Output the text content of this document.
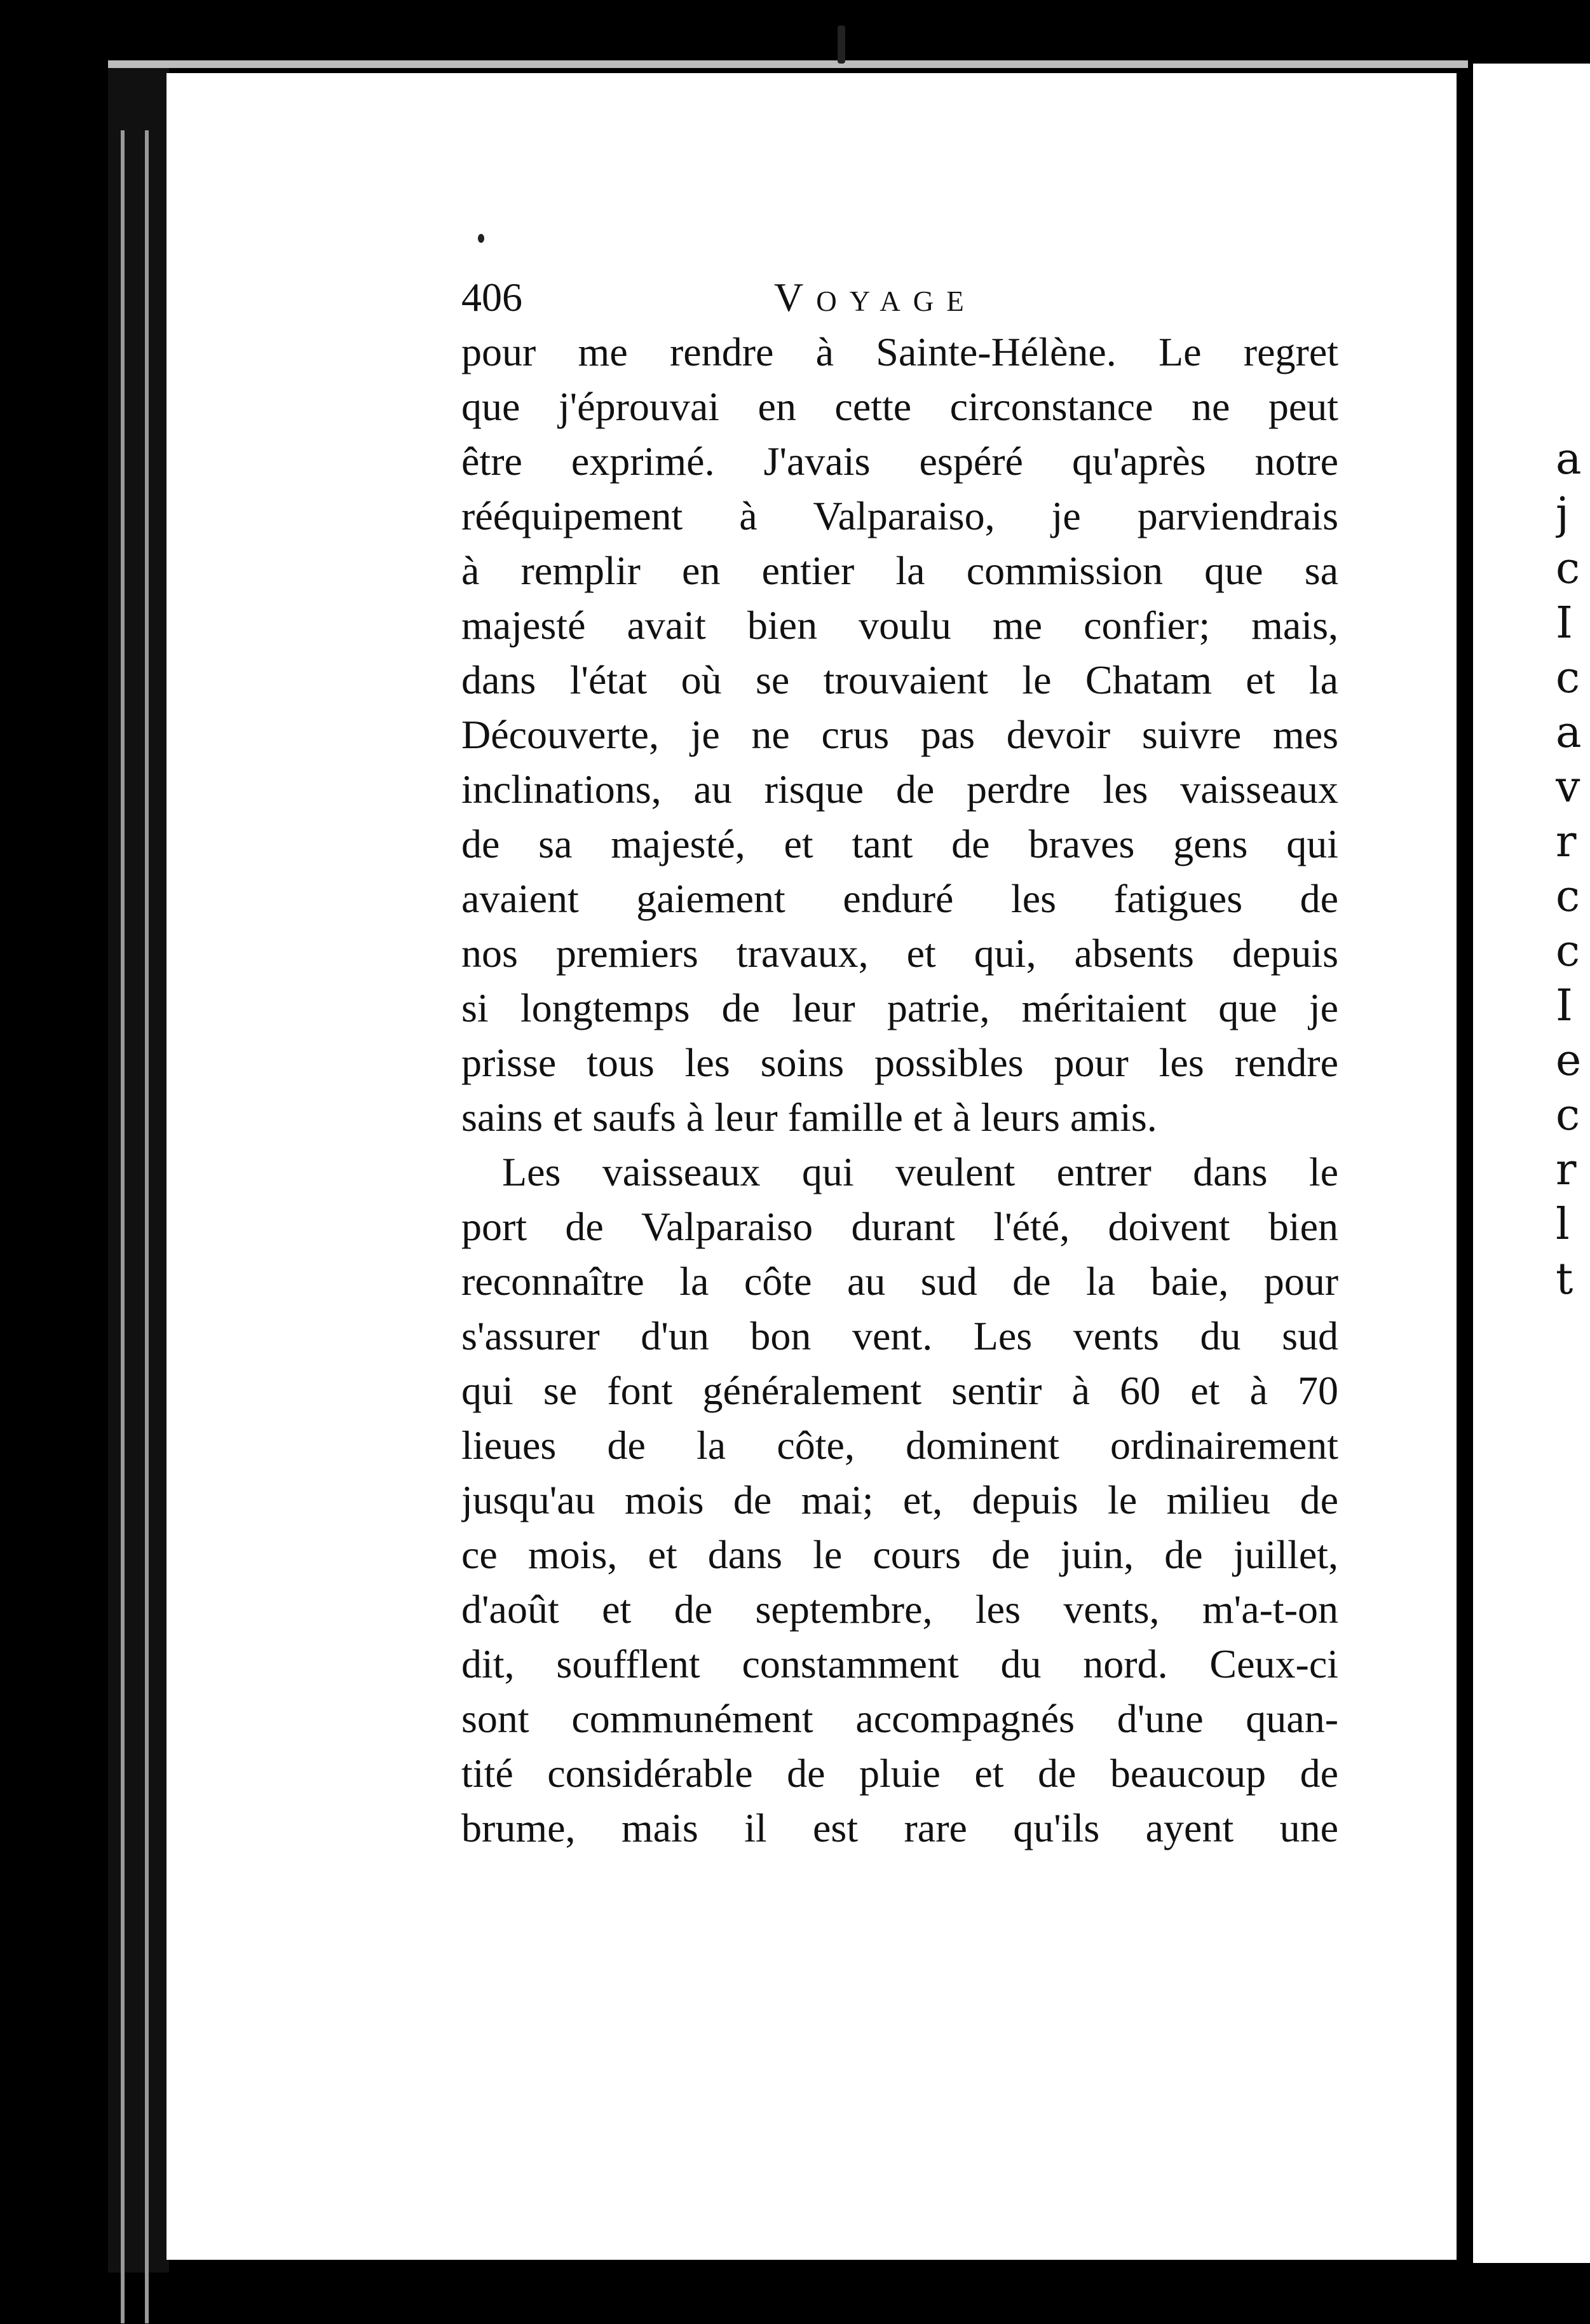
a
j
c
I
c
a
v
r
c
c
I
e
c
r
l
t
406	Voyage
pour me rendre à Sainte-Hélène. Le regret
que j'éprouvai en cette circonstance ne peut
être exprimé. J'avais espéré qu'après notre
rééquipement à Valparaiso, je parviendrais
à remplir en entier la commission que sa
majesté avait bien voulu me confier; mais,
dans l'état où se trouvaient le Chatam et la
Découverte, je ne crus pas devoir suivre mes
inclinations, au risque de perdre les vaisseaux
de sa majesté, et tant de braves gens qui
avaient gaiement enduré les fatigues de
nos premiers travaux, et qui, absents depuis
si longtemps de leur patrie, méritaient que je
prisse tous les soins possibles pour les rendre
sains et saufs à leur famille et à leurs amis.
Les vaisseaux qui veulent entrer dans le
port de Valparaiso durant l'été, doivent bien
reconnaître la côte au sud de la baie, pour
s'assurer d'un bon vent. Les vents du sud
qui se font généralement sentir à 60 et à 70
lieues de la côte, dominent ordinairement
jusqu'au mois de mai; et, depuis le milieu de
ce mois, et dans le cours de juin, de juillet,
d'août et de septembre, les vents, m'a-t-on
dit, soufflent constamment du nord. Ceux-ci
sont communément accompagnés d'une quan-
tité considérable de pluie et de beaucoup de
brume, mais il est rare qu'ils ayent une
